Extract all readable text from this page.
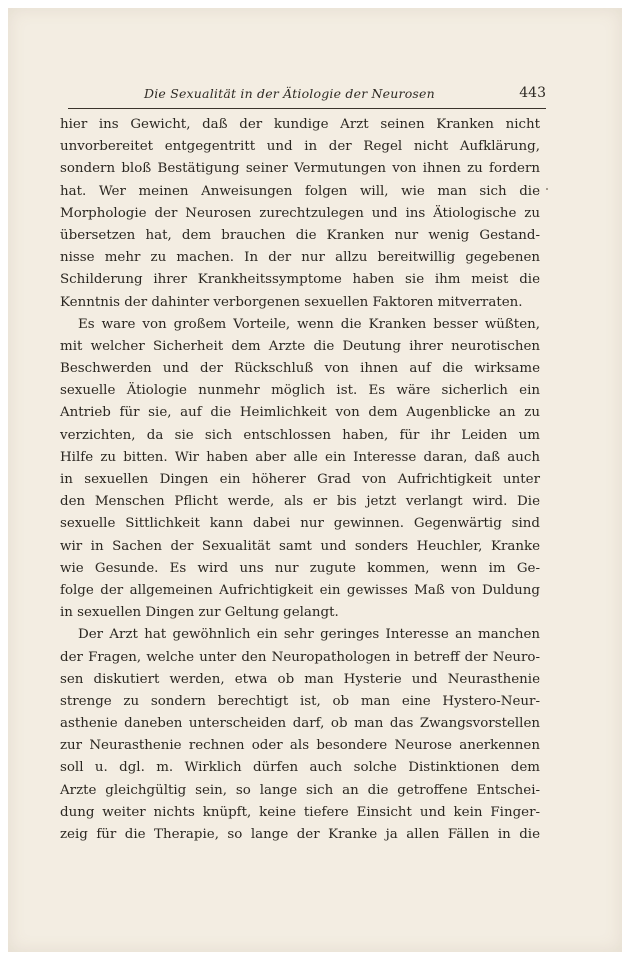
Die Sexualität in der Ätiologie der Neurosen	443
hier ins Gewicht, daß der kundige Arzt seinen Kranken nicht
unvorbereitet entgegentritt und in der Regel nicht Aufklärung,
sondern bloß Bestätigung seiner Vermutungen von ihnen zu fordern
hat. Wer meinen Anweisungen folgen will, wie man sich die
Morphologie der Neurosen zurechtzulegen und ins Ätiologische zu
übersetzen hat, dem brauchen die Kranken nur wenig Gestand-
nisse mehr zu machen. In der nur allzu bereitwillig gegebenen
Schilderung ihrer Krankheitssymptome haben sie ihm meist die
Kenntnis der dahinter verborgenen sexuellen Faktoren mitverraten.
Es ware von großem Vorteile, wenn die Kranken besser wüßten,
mit welcher Sicherheit dem Arzte die Deutung ihrer neurotischen
Beschwerden und der Rückschluß von ihnen auf die wirksame
sexuelle Ätiologie nunmehr möglich ist. Es wäre sicherlich ein
Antrieb für sie, auf die Heimlichkeit von dem Augenblicke an zu
verzichten, da sie sich entschlossen haben, für ihr Leiden um
Hilfe zu bitten. Wir haben aber alle ein Interesse daran, daß auch
in sexuellen Dingen ein höherer Grad von Aufrichtigkeit unter
den Menschen Pflicht werde, als er bis jetzt verlangt wird. Die
sexuelle Sittlichkeit kann dabei nur gewinnen. Gegenwärtig sind
wir in Sachen der Sexualität samt und sonders Heuchler, Kranke
wie Gesunde. Es wird uns nur zugute kommen, wenn im Ge-
folge der allgemeinen Aufrichtigkeit ein gewisses Maß von Duldung
in sexuellen Dingen zur Geltung gelangt.
Der Arzt hat gewöhnlich ein sehr geringes Interesse an manchen
der Fragen, welche unter den Neuropathologen in betreff der Neuro-
sen diskutiert werden, etwa ob man Hysterie und Neurasthenie
strenge zu sondern berechtigt ist, ob man eine Hystero-Neur-
asthenie daneben unterscheiden darf, ob man das Zwangsvorstellen
zur Neurasthenie rechnen oder als besondere Neurose anerkennen
soll u. dgl. m. Wirklich dürfen auch solche Distinktionen dem
Arzte gleichgültig sein, so lange sich an die getroffene Entschei-
dung weiter nichts knüpft, keine tiefere Einsicht und kein Finger-
zeig für die Therapie, so lange der Kranke ja allen Fällen in die
